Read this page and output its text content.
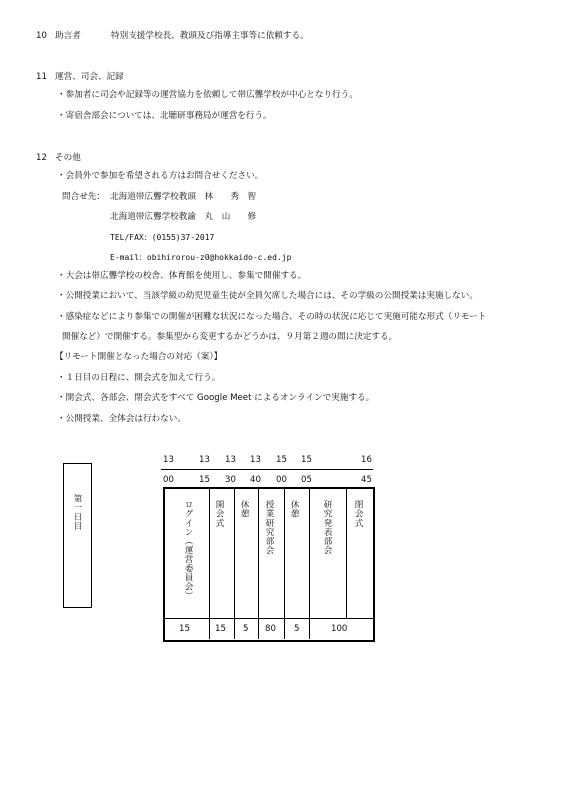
10 助言者	特別支援学校長、教頭及び指導主事等に依頼する。
11 運営、司会、記録
・参加者に司会や記録等の運営協力を依頼して帯広聾学校が中心となり行う。
・寄宿舎部会については、北聴研事務局が運営を行う。
12 その他
・会員外で参加を希望される方はお問合せください。
問合せ先： 北海道帯広聾学校教頭　林　　秀　智
北海道帯広聾学校教諭　丸　山　　修
TEL/FAX：(0155)37-2017
E-mail：obihirorou-z0@hokkaido-c.ed.jp
・大会は帯広聾学校の校舎、体育館を使用し、参集で開催する。
・公開授業において、当該学級の幼児児童生徒が全員欠席した場合には、その学級の公開授業は実施しない。
・感染症などにより参集での開催が困難な状況になった場合、その時の状況に応じて実施可能な形式（リモート
開催など）で開催する。参集型から変更するかどうかは、９月第２週の間に決定する。
【リモート開催となった場合の対応（案）】
・１日目の日程に、開会式を加えて行う。
・開会式、各部会、閉会式をすべて Google Meet によるオンラインで実施する。
・公開授業、全体会は行わない。
第一日目
13	13 13 13 15 15	16
00	15 30 40 00 05	45
ログイン（運営委員会） 開会式 休憩 授業研究部会 休憩	研究発表部会 閉会式
15	15 5 80 5	100
